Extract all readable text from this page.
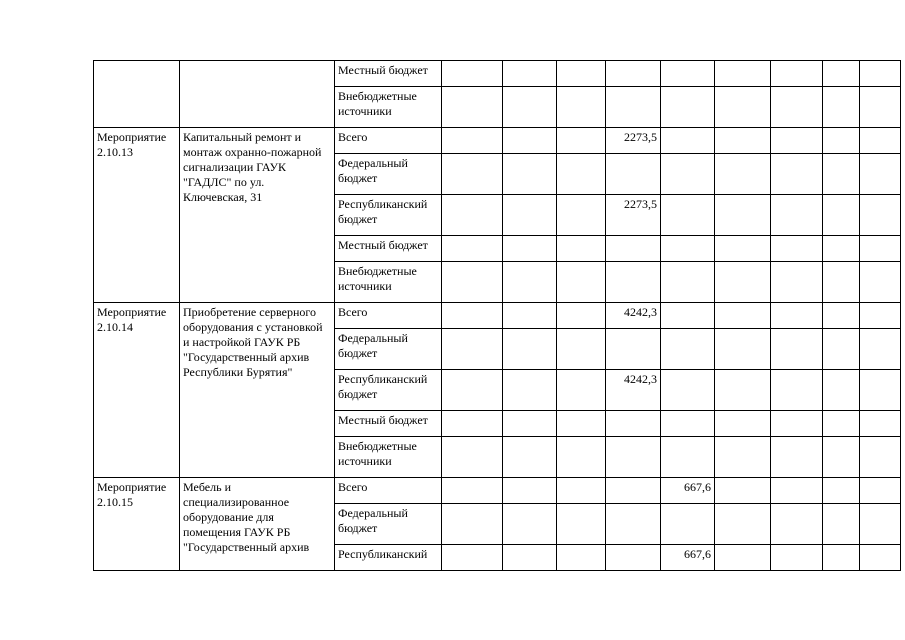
		Местный бюджет									
		Внебюджетные источники									
Мероприятие 2.10.13	Капитальный ремонт и монтаж охранно-пожарной сигнализации ГАУК "ГАДЛС" по ул. Ключевская, 31	Всего				2273,5					
		Федеральный бюджет									
		Республиканский бюджет				2273,5					
		Местный бюджет									
		Внебюджетные источники									
Мероприятие 2.10.14	Приобретение серверного оборудования с установкой и настройкой ГАУК РБ "Государственный архив Республики Бурятия"	Всего				4242,3					
		Федеральный бюджет									
		Республиканский бюджет				4242,3					
		Местный бюджет									
		Внебюджетные источники									
Мероприятие 2.10.15	Мебель и специализированное оборудование для помещения ГАУК РБ "Государственный архив	Всего					667,6				
		Федеральный бюджет									
		Республиканский					667,6				
